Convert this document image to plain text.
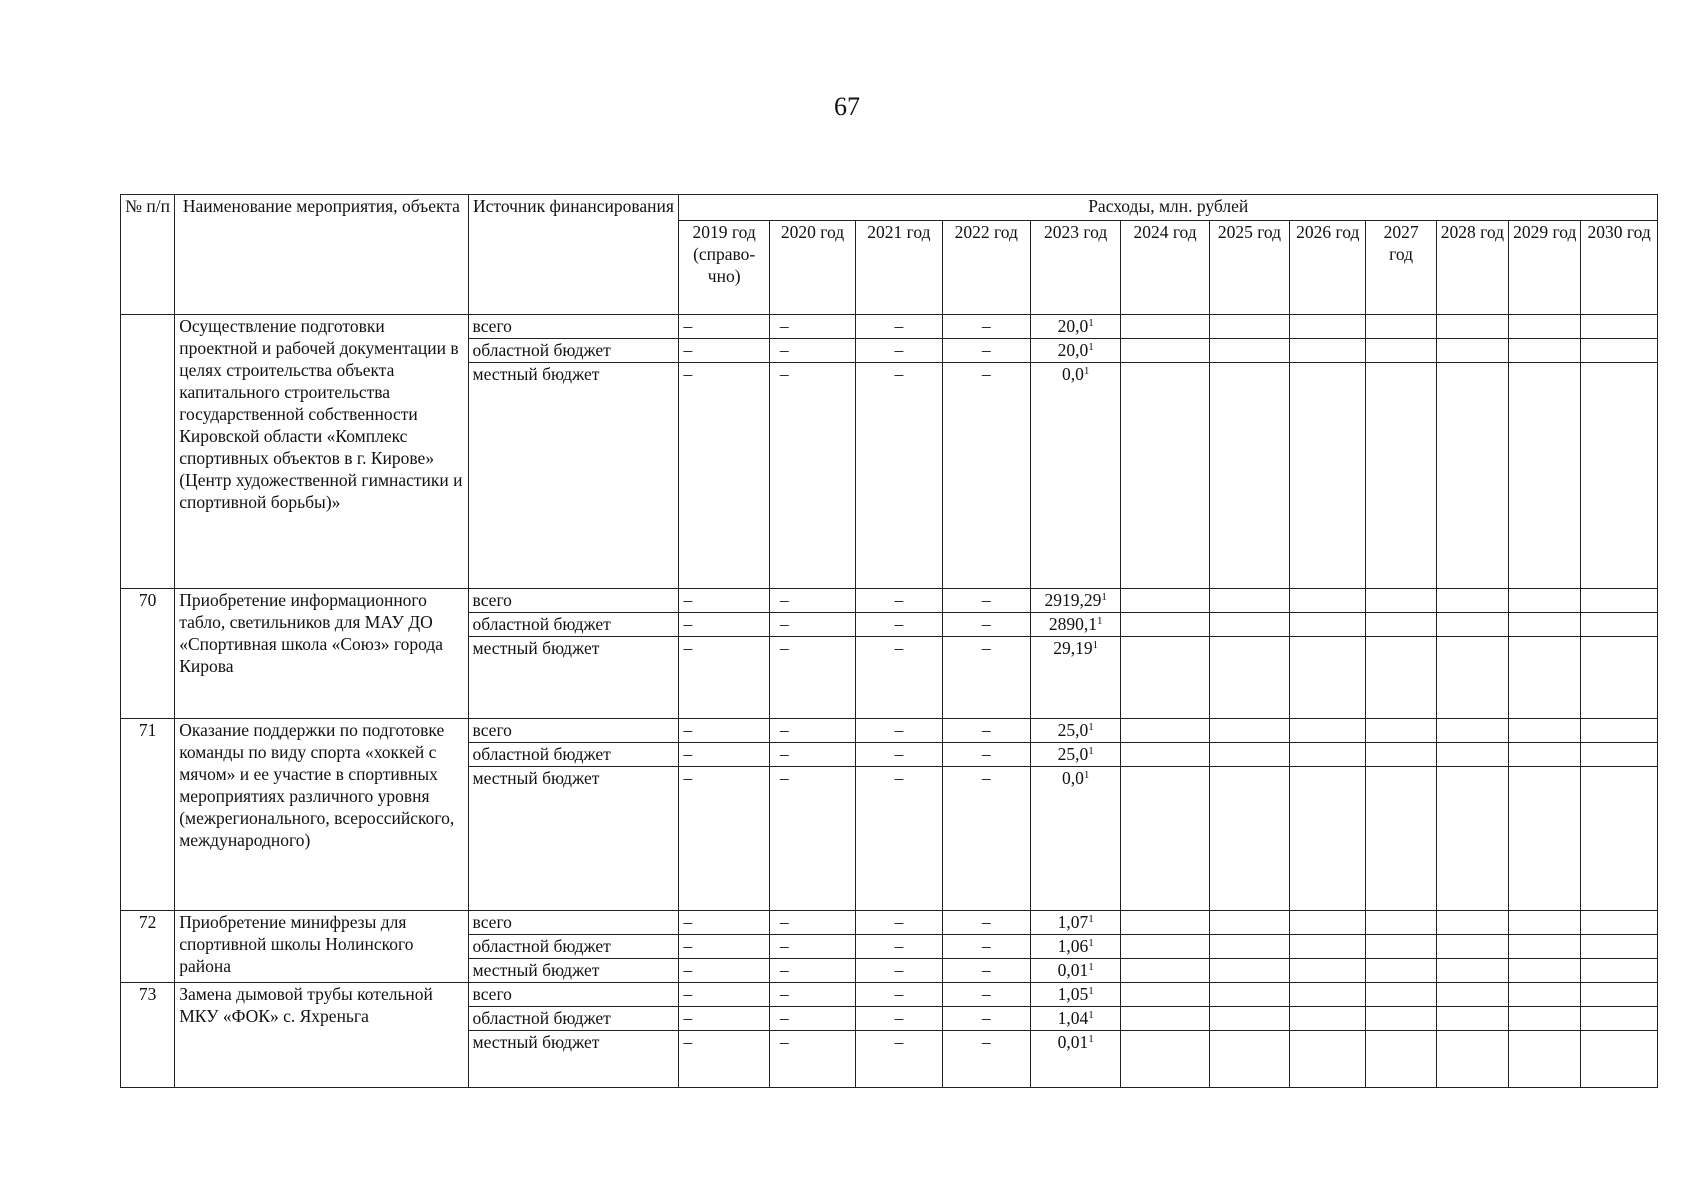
67
№ п/п	Наименование мероприятия, объекта	Источник финансирования	Расходы, млн. рублей											
			2019 год (справо-чно)	2020 год	2021 год	2022 год	2023 год	2024 год	2025 год	2026 год	2027 год	2028 год	2029 год	2030 год
	Осуществление подготовки проектной и рабочей документации в целях строительства объекта капитального строительства государственной собственности Кировской области «Комплекс спортивных объектов в г. Кирове» (Центр художественной гимнастики и спортивной борьбы)»	всего	–	–	–	–	20,0$^1$							
		областной бюджет	–	–	–	–	20,0$^1$							
		местный бюджет	–	–	–	–	$0,0^1$							
70	Приобретение информационного табло, светильников для МАУ ДО «Спортивная школа «Союз» города Кирова	всего	–	–	–	–	2919,29$^1$							
		областной бюджет	–	–	–	–	2890,1$^1$							
		местный бюджет	–	–	–	–	29,19$^1$							
71	Оказание поддержки по подготовке команды по виду спорта «хоккей с мячом» и ее участие в спортивных мероприятиях различного уровня (межрегионального, всероссийского, международного)	всего	–	–	–	–	25,0$^1$							
		областной бюджет	–	–	–	–	25,0$^1$							
		местный бюджет	–	–	–	–	$0,0^1$							
72	Приобретение минифрезы для спортивной школы Нолинского района	всего	–	–	–	–	1,07$^1$							
		областной бюджет	–	–	–	–	1,06$^1$							
		местный бюджет	–	–	–	–	0,01$^1$							
73	Замена дымовой трубы котельной МКУ «ФОК» с. Яхреньга	всего	–	–	–	–	1,05$^1$							
		областной бюджет	–	–	–	–	1,04$^1$							
		местный бюджет	–	–	–	–	0,01$^1$							
